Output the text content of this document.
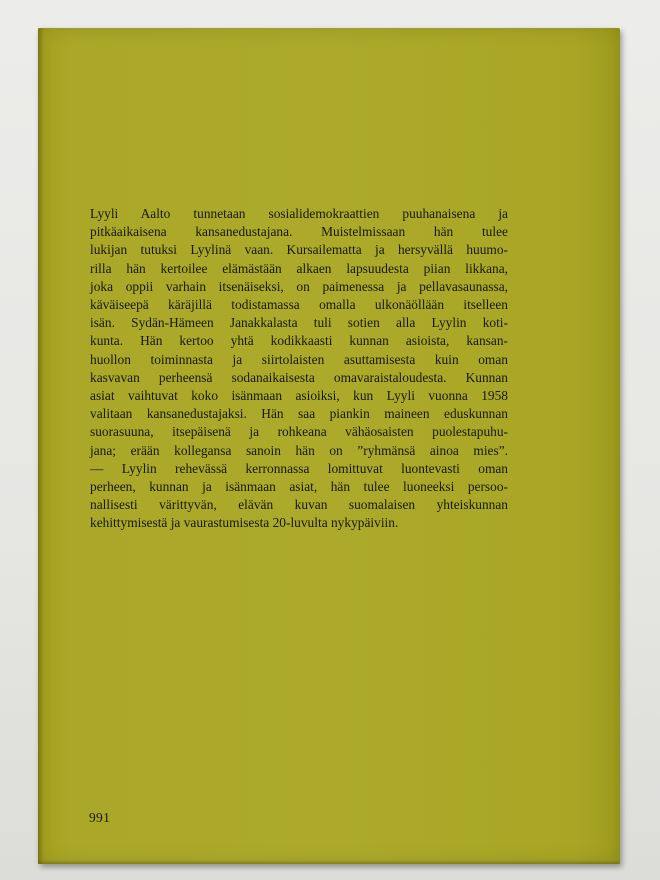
Lyyli Aalto tunnetaan sosialidemokraattien puuhanaisena ja
pitkäaikaisena kansanedustajana. Muistelmissaan hän tulee
lukijan tutuksi Lyylinä vaan. Kursailematta ja hersyvällä huumo-
rilla hän kertoilee elämästään alkaen lapsuudesta piian likkana,
joka oppii varhain itsenäiseksi, on paimenessa ja pellavasaunassa,
käväiseepä käräjillä todistamassa omalla ulkonäöllään itselleen
isän. Sydän-Hämeen Janakkalasta tuli sotien alla Lyylin koti-
kunta. Hän kertoo yhtä kodikkaasti kunnan asioista, kansan-
huollon toiminnasta ja siirtolaisten asuttamisesta kuin oman
kasvavan perheensä sodanaikaisesta omavaraistaloudesta. Kunnan
asiat vaihtuvat koko isänmaan asioiksi, kun Lyyli vuonna 1958
valitaan kansanedustajaksi. Hän saa piankin maineen eduskunnan
suorasuuna, itsepäisenä ja rohkeana vähäosaisten puolestapuhu-
jana; erään kollegansa sanoin hän on ”ryhmänsä ainoa mies”.
— Lyylin rehevässä kerronnassa lomittuvat luontevasti oman
perheen, kunnan ja isänmaan asiat, hän tulee luoneeksi persoo-
nallisesti värittyvän, elävän kuvan suomalaisen yhteiskunnan
kehittymisestä ja vaurastumisesta 20-luvulta nykypäiviin.
991
